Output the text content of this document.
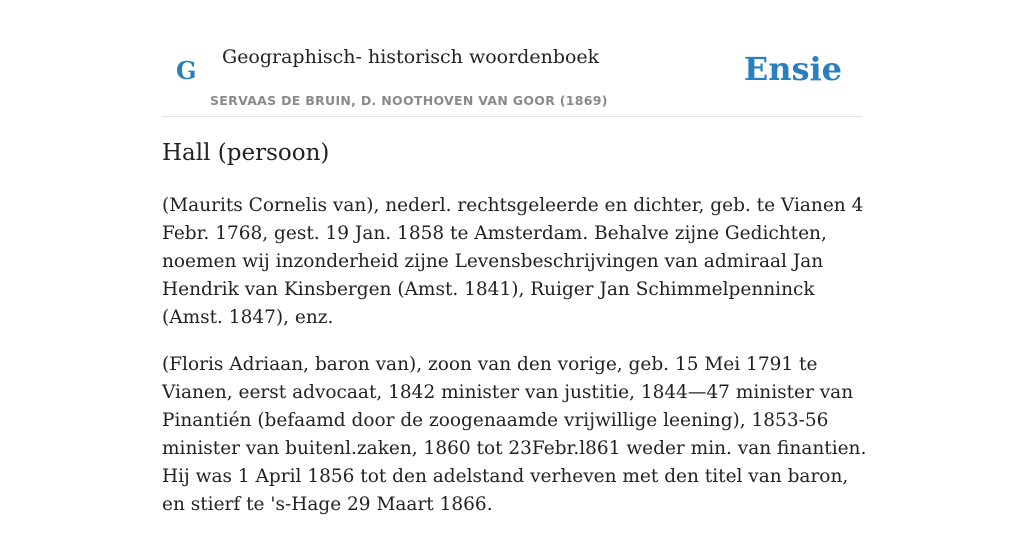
G Geographisch- historisch woordenboek
SERVAAS DE BRUIN, D. NOOTHOVEN VAN GOOR (1869)
Ensie
Hall (persoon)

(Maurits Cornelis van), nederl. rechtsgeleerde en dichter, geb. te Vianen 4 Febr. 1768, gest. 19 Jan. 1858 te Amsterdam. Behalve zijne Gedichten, noemen wij inzonderheid zijne Levensbeschrijvingen van admiraal Jan Hendrik van Kinsbergen (Amst. 1841), Ruiger Jan Schimmelpenninck (Amst. 1847), enz.

(Floris Adriaan, baron van), zoon van den vorige, geb. 15 Mei 1791 te Vianen, eerst advocaat, 1842 minister van justitie, 1844—47 minister van Pinantién (befaamd door de zoogenaamde vrijwillige leening), 1853-56 minister van buitenl.zaken, 1860 tot 23Febr.l861 weder min. van finantien. Hij was 1 April 1856 tot den adelstand verheven met den titel van baron, en stierf te 's-Hage 29 Maart 1866.
